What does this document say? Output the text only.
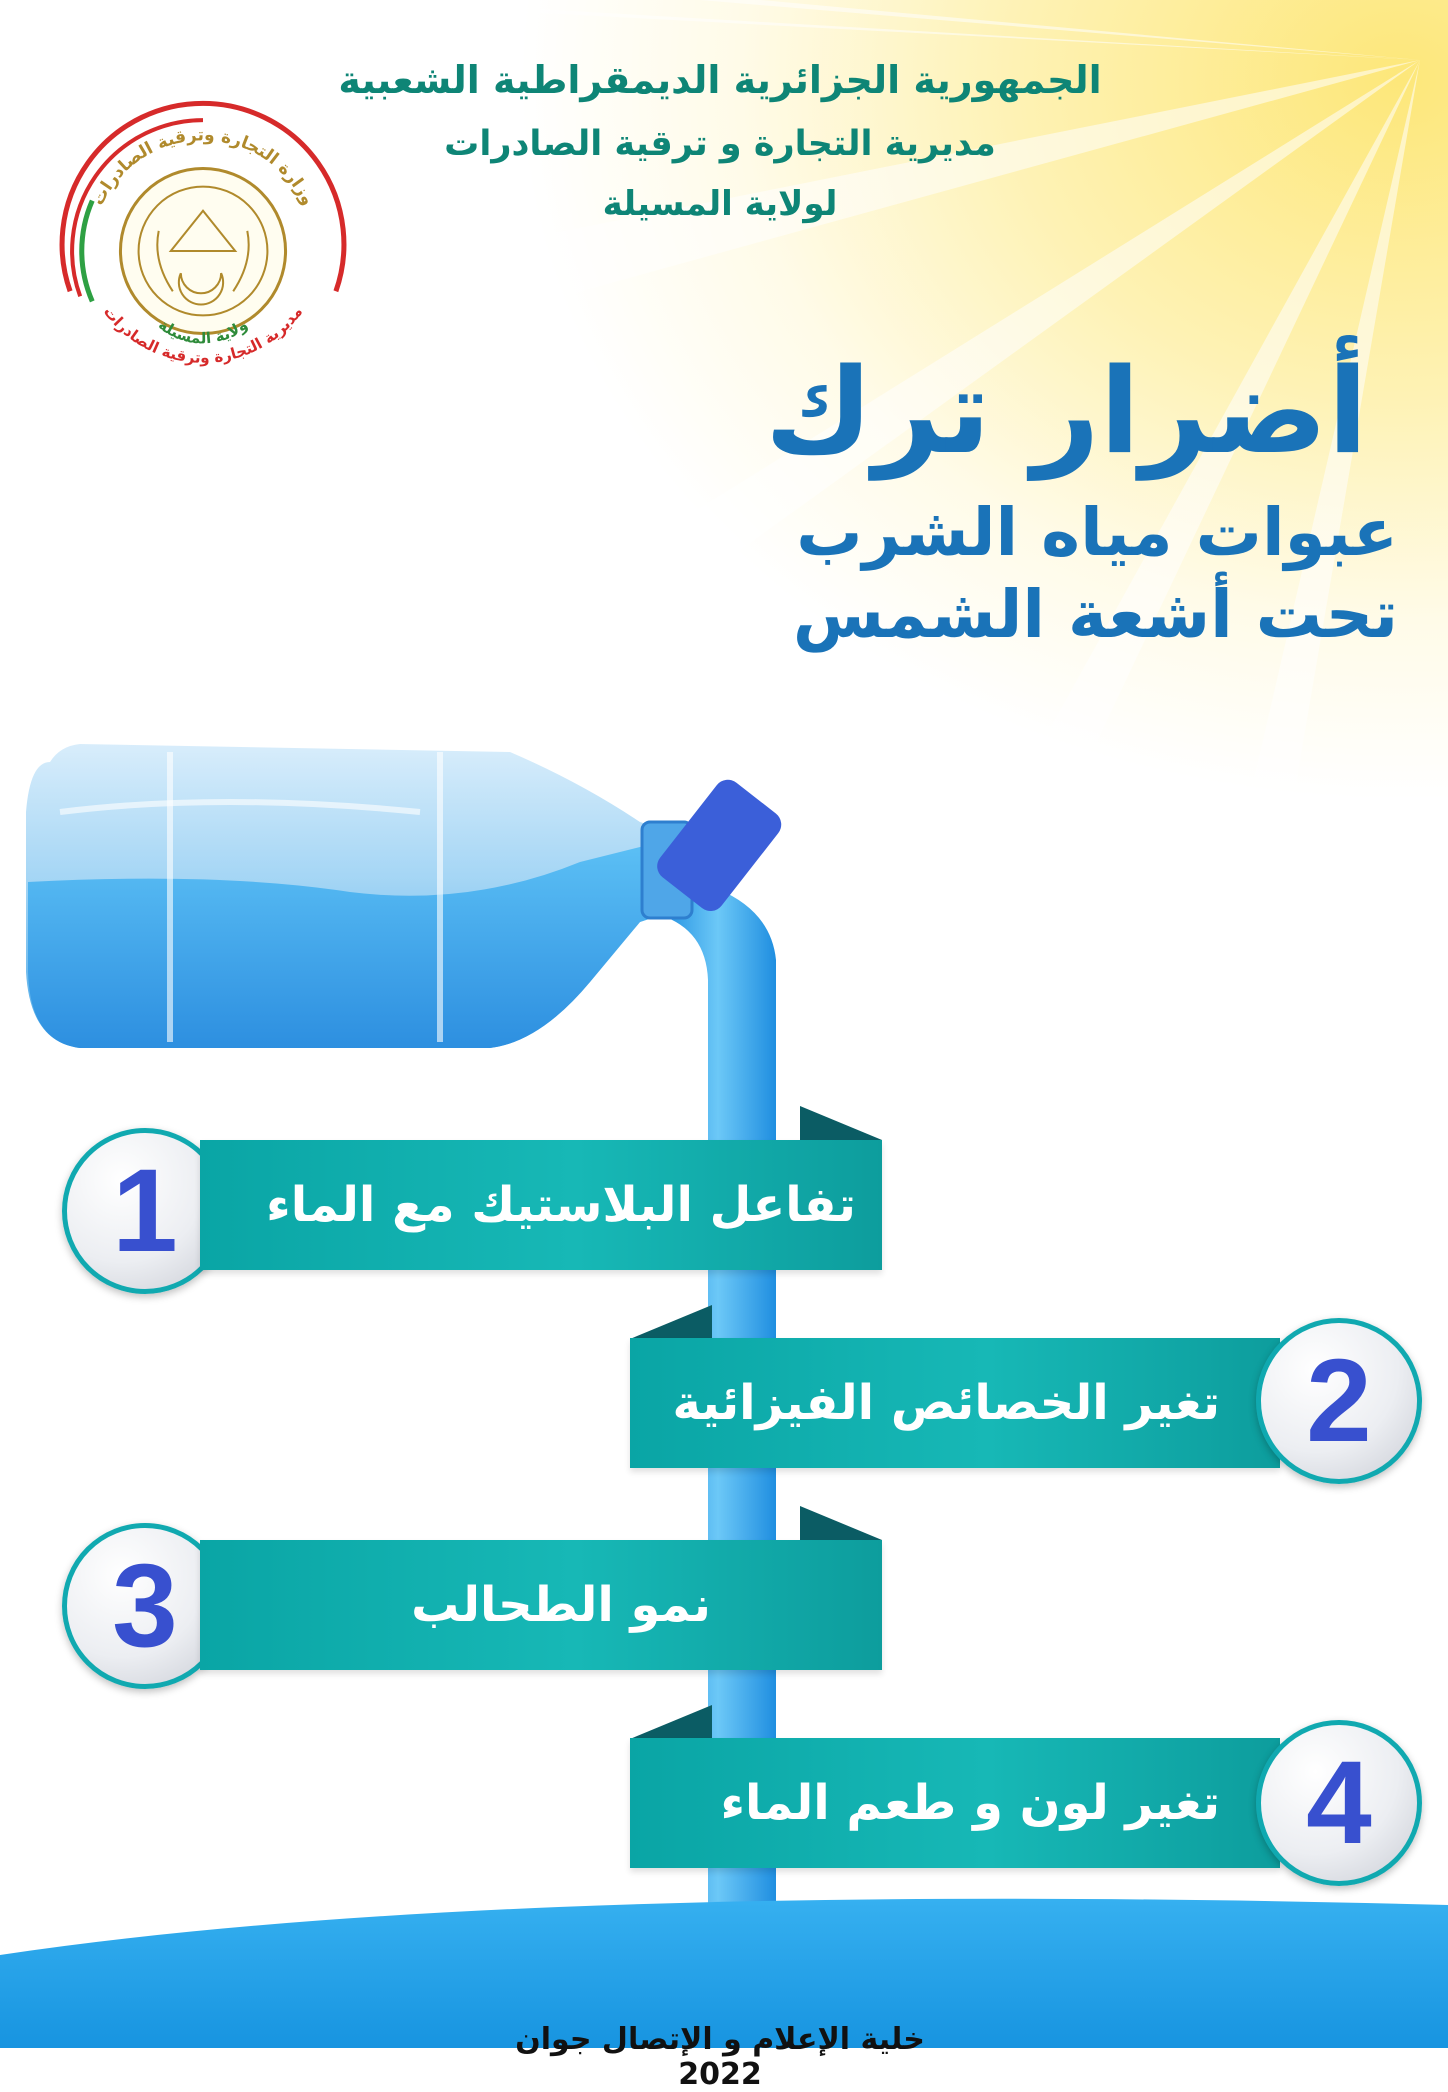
الجمهورية الجزائرية الديمقراطية الشعبية
مديرية التجارة و ترقية الصادرات
لولاية المسيلة
وزارة التجارة وترقية الصادرات
ولاية المسيلة
مديرية التجارة وترقية الصادرات
أضرار ترك
عبوات مياه الشرب
تحت أشعة الشمس
1 تفاعل البلاستيك مع الماء
تغير الخصائص الفيزائية 2
3	نمو الطحالب
تغير لون و طعم الماء 4
خلية الإعلام و الإتصال جوان 2022
